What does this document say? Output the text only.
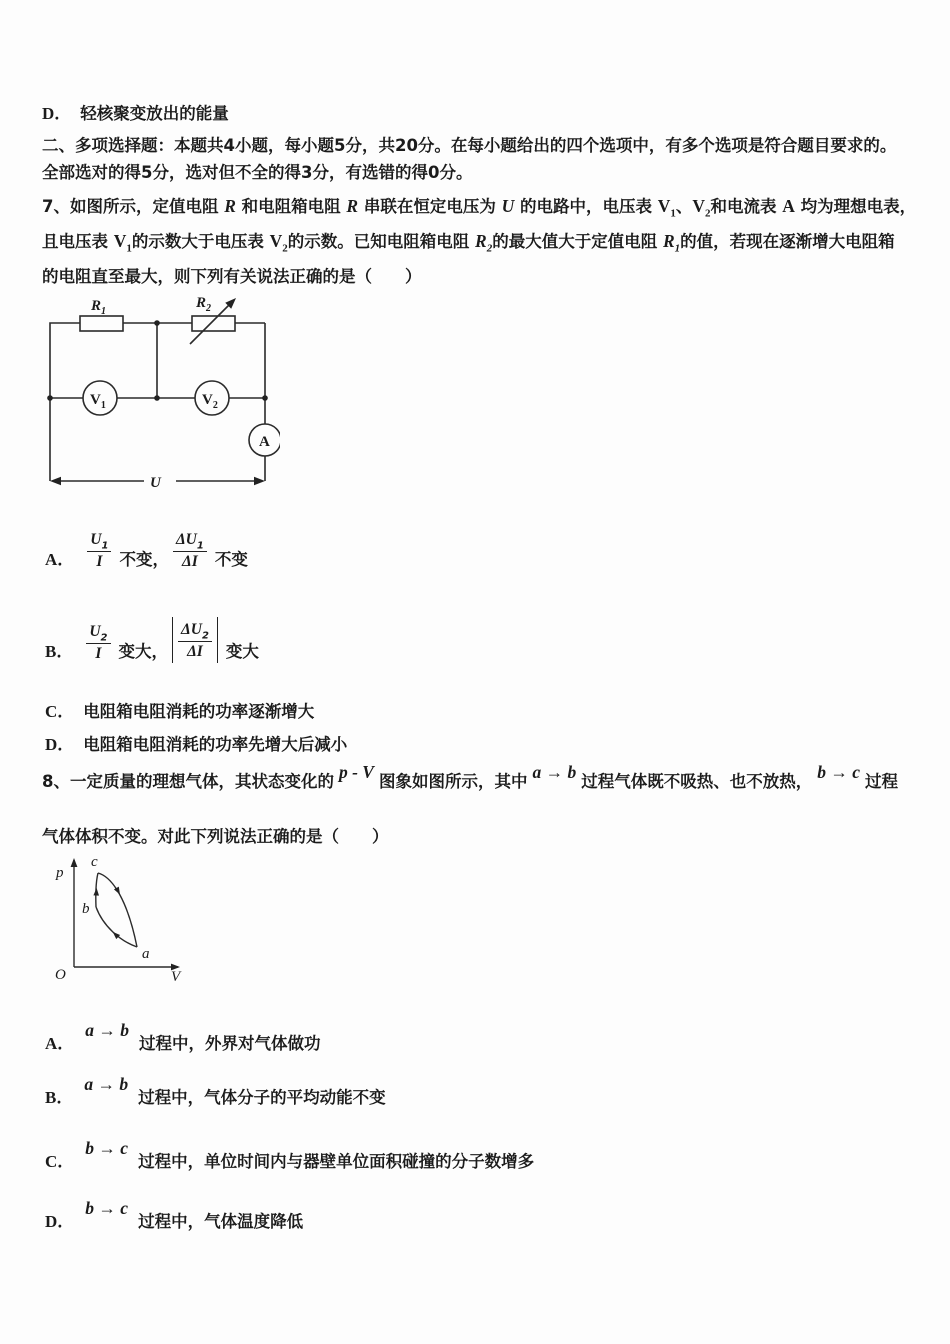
D． 轻核聚变放出的能量
二、多项选择题：本题共4小题，每小题5分，共20分。在每小题给出的四个选项中，有多个选项是符合题目要求的。
全部选对的得5分，选对但不全的得3分，有选错的得0分。
7、如图所示，定值电阻 R 和电阻箱电阻 R 串联在恒定电压为 U 的电路中，电压表 $V_1$、$V_2$和电流表 A 均为理想电表，
且电压表 $V_1$的示数大于电压表 $V_2$的示数。已知电阻箱电阻 $R_2$的最大值大于定值电阻 $R_1$的值，若现在逐渐增大电阻箱
的电阻直至最大，则下列有关说法正确的是（　　）
$R_1$
$R_2$
$V_1$	$V_2$
A
U
A． $\frac{U_1}{I}$ 不变， $\frac{\Delta U_1}{\Delta I}$ 不变
B． $\frac{U_2}{I}$ 变大， $\frac{\Delta U_2}{\Delta I}$ 变大
C． 电阻箱电阻消耗的功率逐渐增大
D． 电阻箱电阻消耗的功率先增大后减小
8、一定质量的理想气体，其状态变化的 p - V 图象如图所示，其中 a → b 过程气体既不吸热、也不放热， b → c 过程
气体体积不变。对此下列说法正确的是（　　）
p
V
O
c
b
a
A．
a → b
过程中，外界对气体做功
B．
a → b
过程中，气体分子的平均动能不变
C．
b → c
过程中，单位时间内与器壁单位面积碰撞的分子数增多
D．
b → c
过程中，气体温度降低
